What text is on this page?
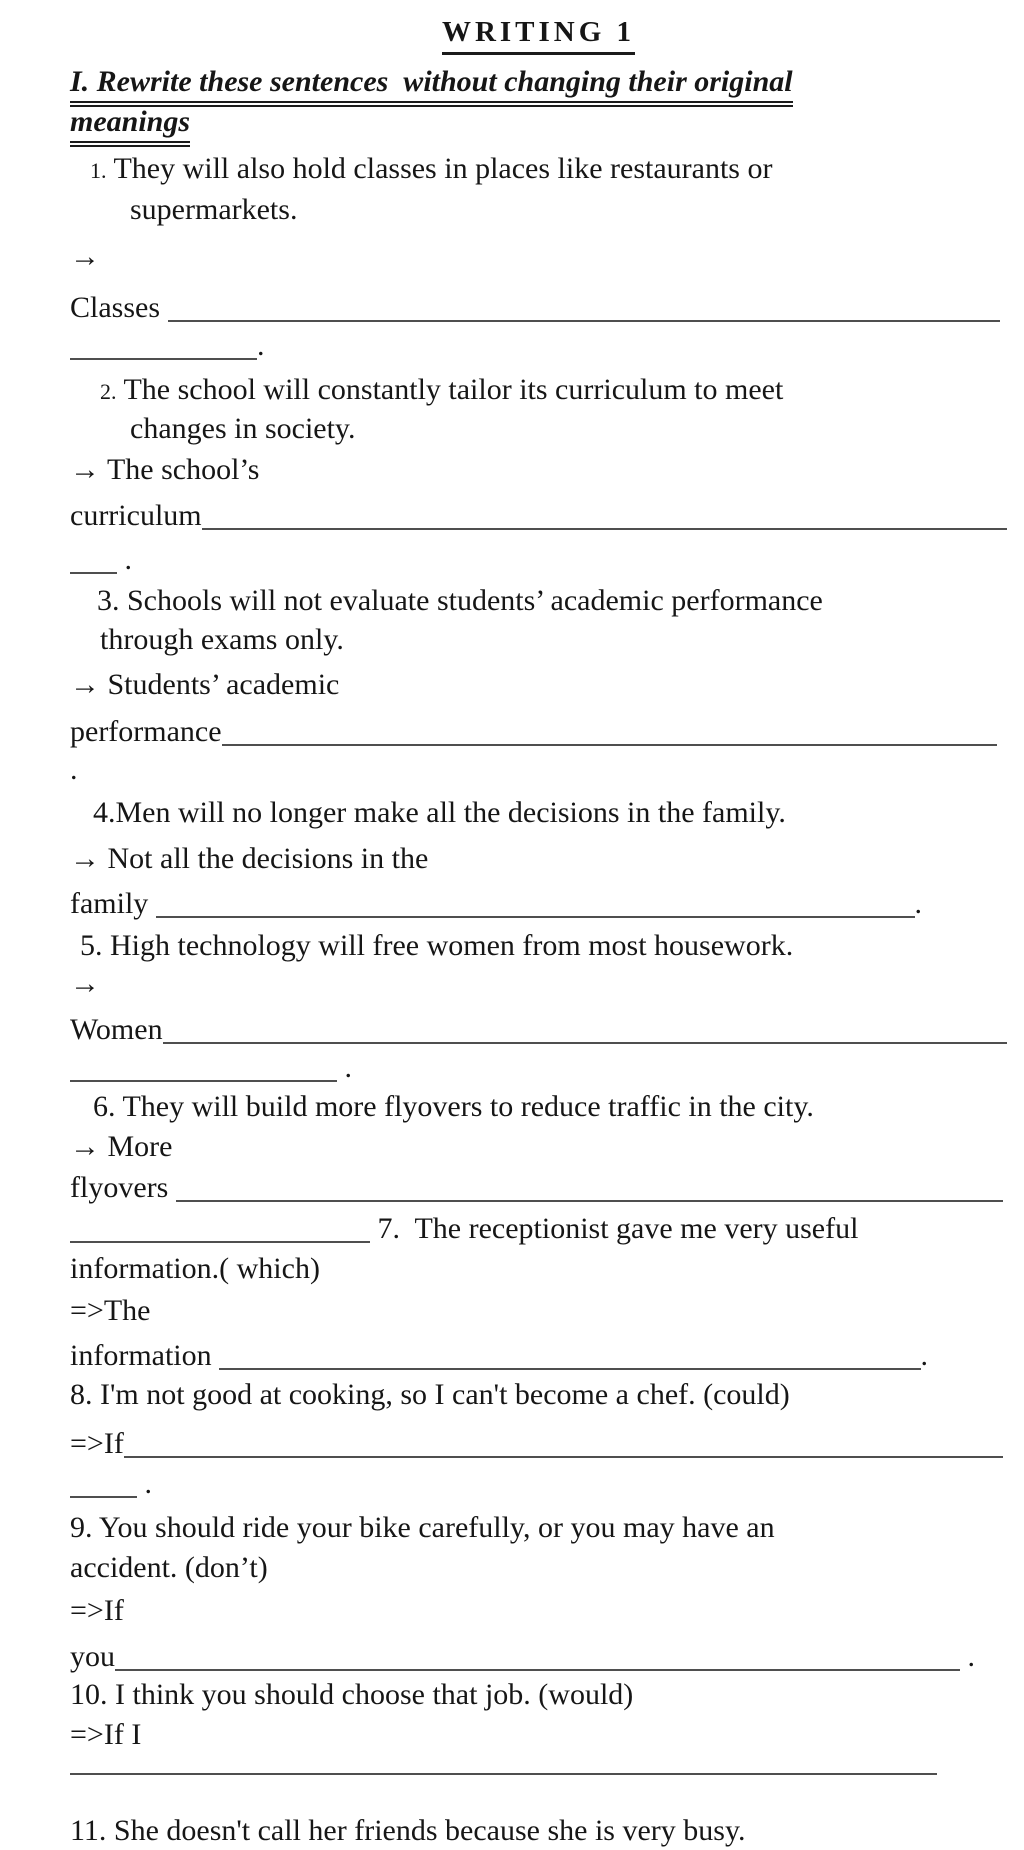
WRITING 1
I. Rewrite these sentences  without changing their original
meanings
1. They will also hold classes in places like restaurants or
supermarkets.
→
Classes
.
2. The school will constantly tailor its curriculum to meet
changes in society.
→ The school’s
curriculum
.
3. Schools will not evaluate students’ academic performance
through exams only.
→ Students’ academic
performance
.
4.Men will no longer make all the decisions in the family.
→ Not all the decisions in the
family	.
5. High technology will free women from most housework.
→
Women
.
6. They will build more flyovers to reduce traffic in the city.
→ More
flyovers
7.  The receptionist gave me very useful
information.( which)
=>The
information	.
8. I'm not good at cooking, so I can't become a chef. (could)
=>If
.
9. You should ride your bike carefully, or you may have an
accident. (don’t)
=>If
you	.
10. I think you should choose that job. (would)
=>If I
11. She doesn't call her friends because she is very busy.
